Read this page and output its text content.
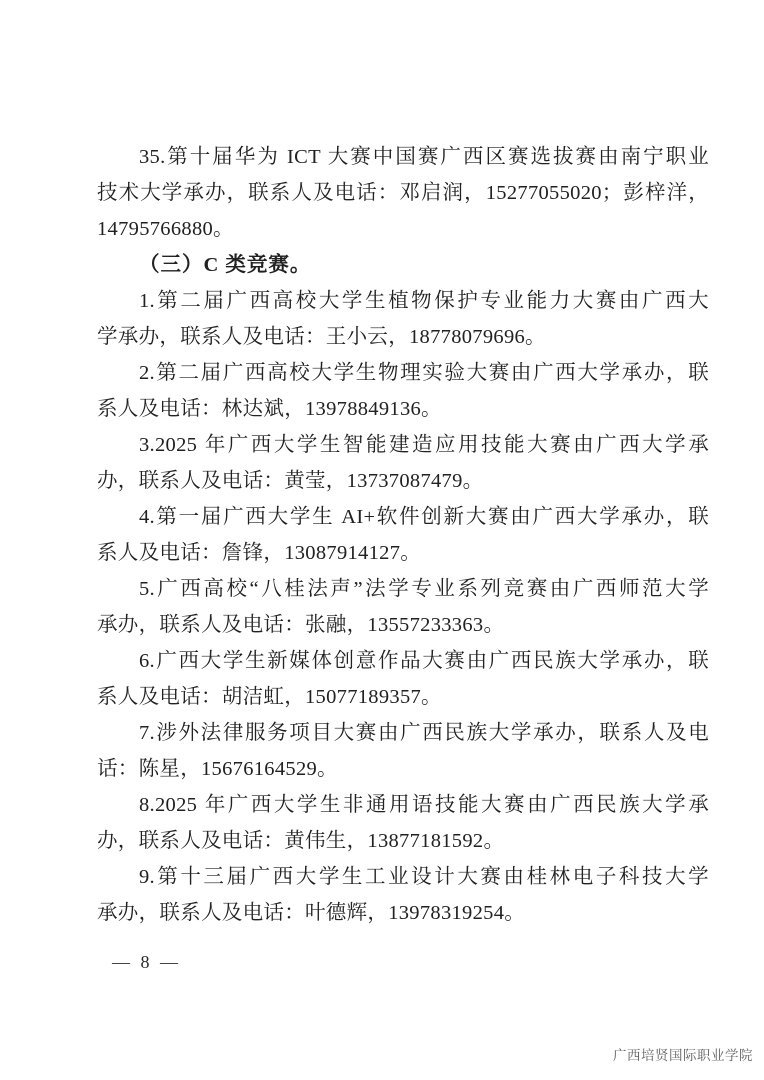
35.第十届华为 ICT 大赛中国赛广西区赛选拔赛由南宁职业
技术大学承办，联系人及电话：邓启润，15277055020；彭梓洋，
14795766880。
（三）C 类竞赛。
1.第二届广西高校大学生植物保护专业能力大赛由广西大
学承办，联系人及电话：王小云，18778079696。
2.第二届广西高校大学生物理实验大赛由广西大学承办，联
系人及电话：林达斌，13978849136。
3.2025 年广西大学生智能建造应用技能大赛由广西大学承
办，联系人及电话：黄莹，13737087479。
4.第一届广西大学生 AI+软件创新大赛由广西大学承办，联
系人及电话：詹锋，13087914127。
5.广西高校“八桂法声”法学专业系列竞赛由广西师范大学
承办，联系人及电话：张融，13557233363。
6.广西大学生新媒体创意作品大赛由广西民族大学承办，联
系人及电话：胡洁虹，15077189357。
7.涉外法律服务项目大赛由广西民族大学承办，联系人及电
话：陈星，15676164529。
8.2025 年广西大学生非通用语技能大赛由广西民族大学承
办，联系人及电话：黄伟生，13877181592。
9.第十三届广西大学生工业设计大赛由桂林电子科技大学
承办，联系人及电话：叶德辉，13978319254。
— 8 —
广西培贤国际职业学院
